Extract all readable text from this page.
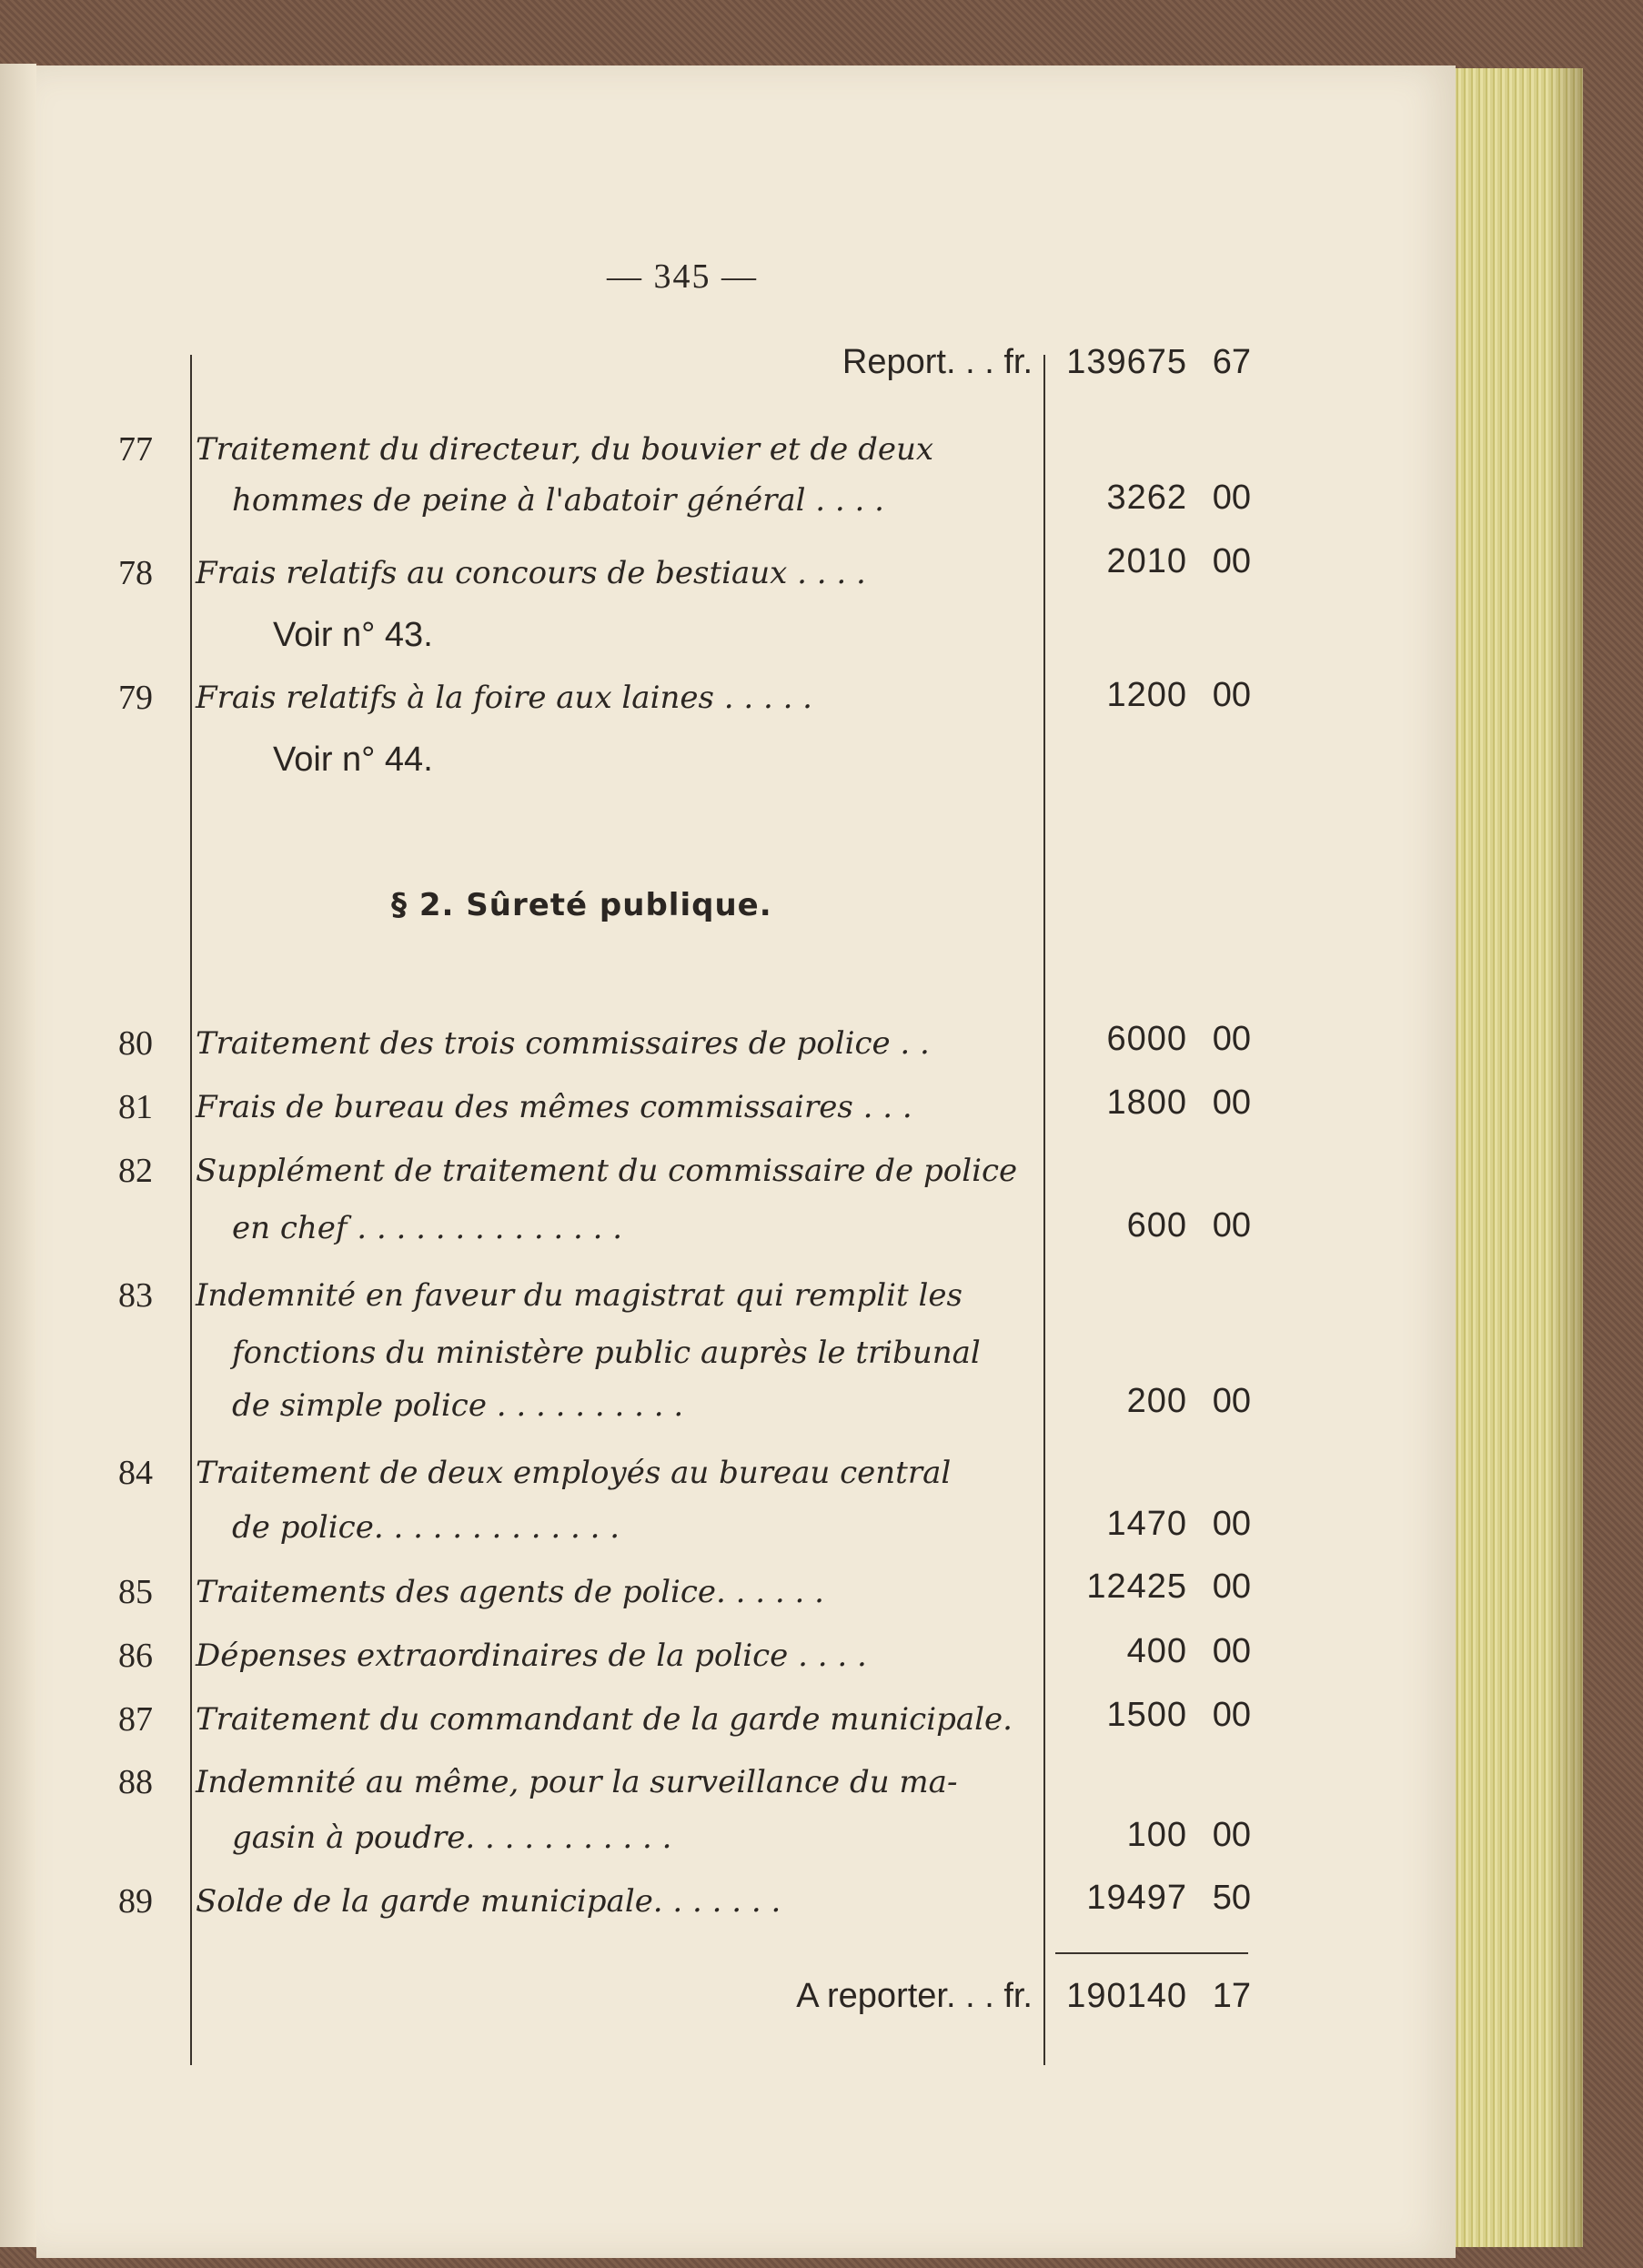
— 345 —
Report. . . fr. 139675 67
77	Traitement du directeur, du bouvier et de deux
hommes de peine à l'abatoir général . . . .	3262 00
78	Frais relatifs au concours de bestiaux . . . .	2010 00
Voir n° 43.
79	Frais relatifs à la foire aux laines . . . . .	1200 00
Voir n° 44.
§ 2. Sûreté publique.
80	Traitement des trois commissaires de police . .	6000 00
81	Frais de bureau des mêmes commissaires . . .	1800 00
82	Supplément de traitement du commissaire de police
en chef . . . . . . . . . . . . . .	600 00
83	Indemnité en faveur du magistrat qui remplit les
fonctions du ministère public auprès le tribunal
de simple police . . . . . . . . . .	200 00
84	Traitement de deux employés au bureau central
de police. . . . . . . . . . . . .	1470 00
85	Traitements des agents de police. . . . . .	12425 00
86	Dépenses extraordinaires de la police . . . .	400 00
87	Traitement du commandant de la garde municipale.	1500 00
88	Indemnité au même, pour la surveillance du ma-
gasin à poudre. . . . . . . . . . .	100 00
89	Solde de la garde municipale. . . . . . .	19497 50
A reporter. . . fr. 190140 17
